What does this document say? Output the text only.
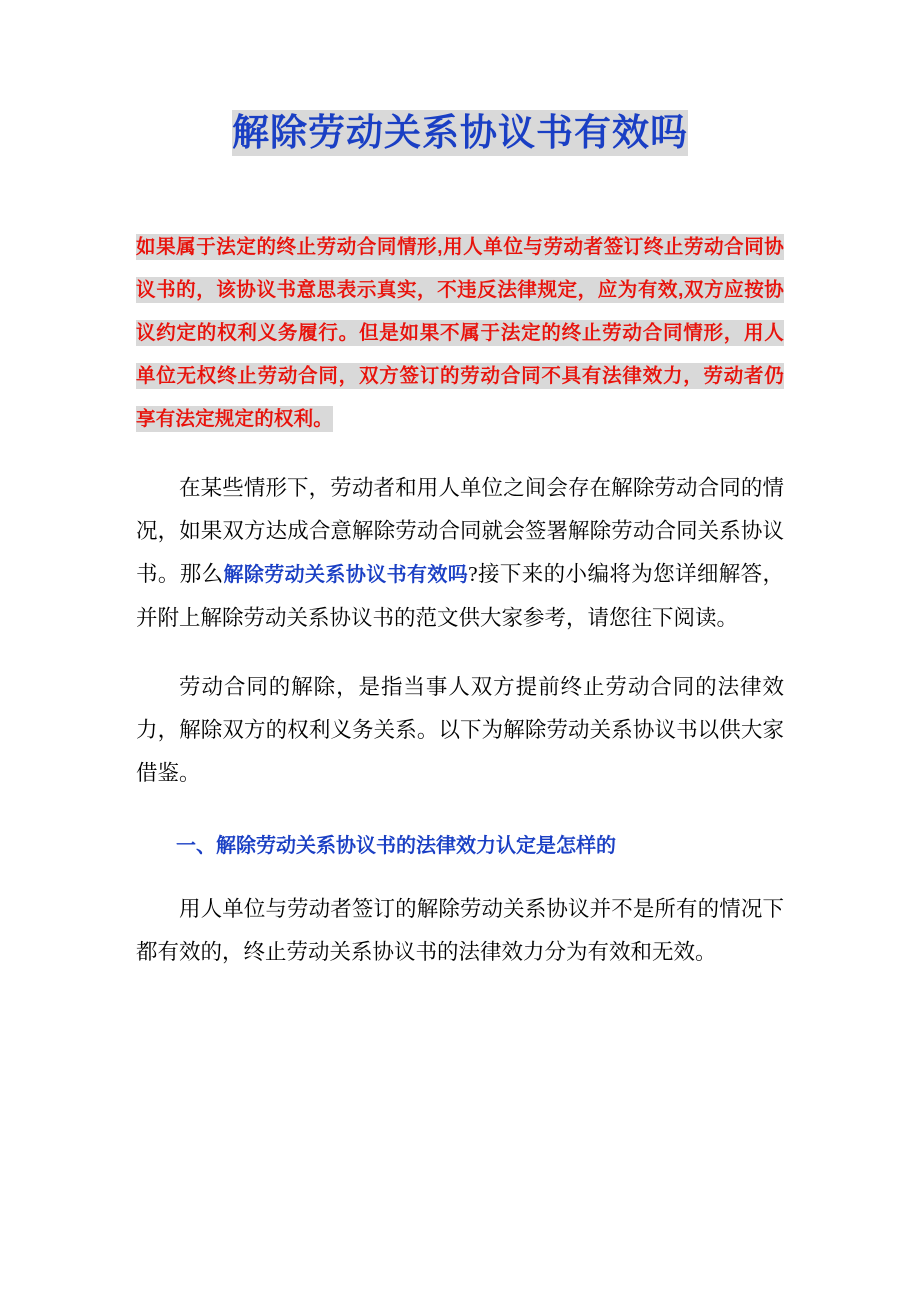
解除劳动关系协议书有效吗

如果属于法定的终止劳动合同情形,用人单位与劳动者签订终止劳动合同协议书的，该协议书意思表示真实，不违反法律规定，应为有效,双方应按协议约定的权利义务履行。但是如果不属于法定的终止劳动合同情形，用人单位无权终止劳动合同，双方签订的劳动合同不具有法律效力，劳动者仍享有法定规定的权利。

在某些情形下，劳动者和用人单位之间会存在解除劳动合同的情况，如果双方达成合意解除劳动合同就会签署解除劳动合同关系协议书。那么解除劳动关系协议书有效吗?接下来的小编将为您详细解答，并附上解除劳动关系协议书的范文供大家参考，请您往下阅读。

劳动合同的解除，是指当事人双方提前终止劳动合同的法律效力，解除双方的权利义务关系。以下为解除劳动关系协议书以供大家借鉴。

一、解除劳动关系协议书的法律效力认定是怎样的

用人单位与劳动者签订的解除劳动关系协议并不是所有的情况下都有效的，终止劳动关系协议书的法律效力分为有效和无效。
